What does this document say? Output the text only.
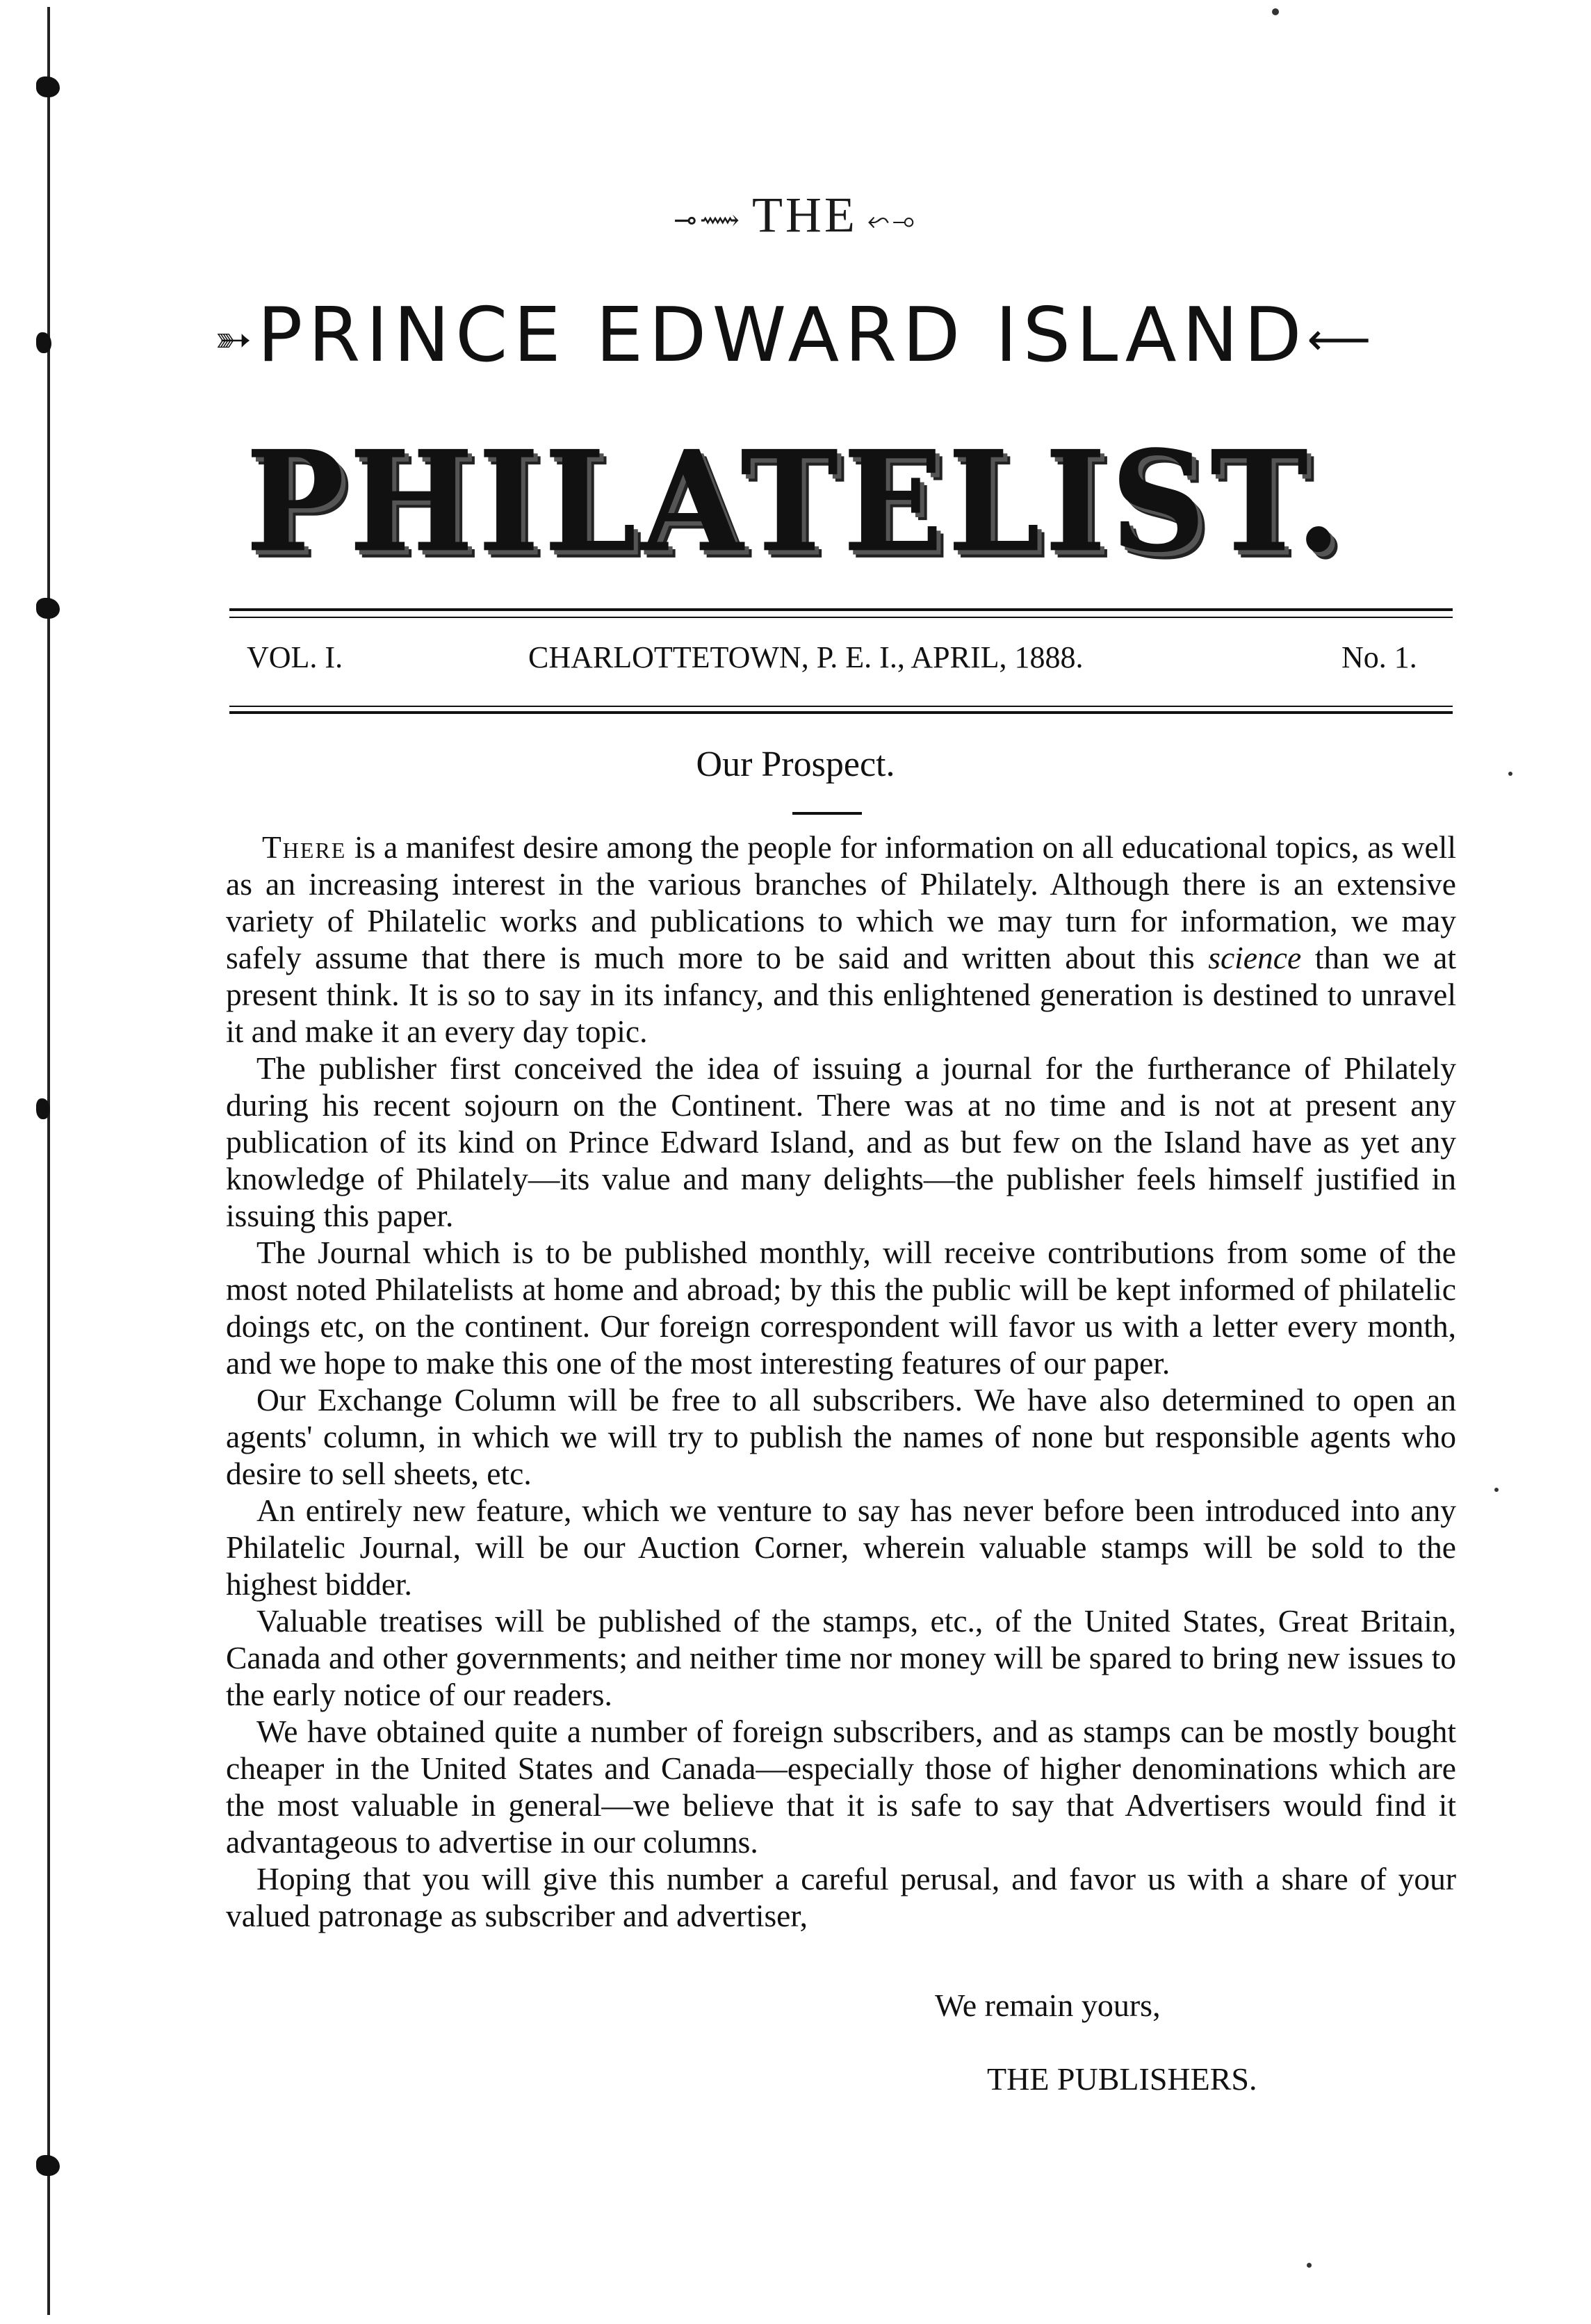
⊸⟿ THE ⬿⊸
➳PRINCE EDWARD ISLAND⟵
PHILATELIST.
VOL. I.	CHARLOTTETOWN, P. E. I., APRIL, 1888.	No. 1.
Our Prospect.

There is a manifest desire among the people for information on all educational topics, as well as an increasing interest in the various branches of Philately. Although there is an extensive variety of Philatelic works and publications to which we may turn for information, we may safely assume that there is much more to be said and written about this science than we at present think. It is so to say in its infancy, and this enlightened generation is destined to unravel it and make it an every day topic.

The publisher first conceived the idea of issuing a journal for the furtherance of Philately during his recent sojourn on the Continent. There was at no time and is not at present any publication of its kind on Prince Edward Island, and as but few on the Island have as yet any knowledge of Philately—its value and many delights—the publisher feels himself justified in issuing this paper.

The Journal which is to be published monthly, will receive contributions from some of the most noted Philatelists at home and abroad; by this the public will be kept informed of philatelic doings etc, on the continent. Our foreign correspondent will favor us with a letter every month, and we hope to make this one of the most interesting features of our paper.

Our Exchange Column will be free to all subscribers. We have also determined to open an agents' column, in which we will try to publish the names of none but responsible agents who desire to sell sheets, etc.

An entirely new feature, which we venture to say has never before been introduced into any Philatelic Journal, will be our Auction Corner, wherein valuable stamps will be sold to the highest bidder.

Valuable treatises will be published of the stamps, etc., of the United States, Great Britain, Canada and other governments; and neither time nor money will be spared to bring new issues to the early notice of our readers.

We have obtained quite a number of foreign subscribers, and as stamps can be mostly bought cheaper in the United States and Canada—especially those of higher denominations which are the most valuable in general—we believe that it is safe to say that Advertisers would find it advantageous to advertise in our columns.

Hoping that you will give this number a careful perusal, and favor us with a share of your valued patronage as subscriber and advertiser,

We remain yours,
THE PUBLISHERS.
